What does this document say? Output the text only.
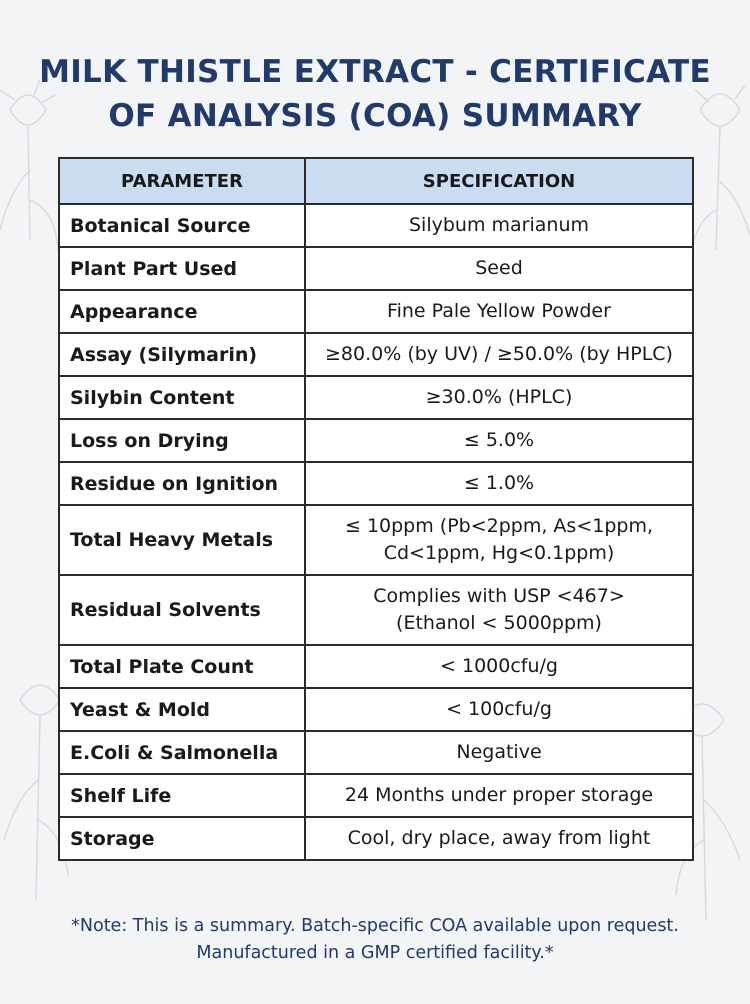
MILK THISTLE EXTRACT - CERTIFICATE
OF ANALYSIS (COA) SUMMARY
PARAMETER	SPECIFICATION
Botanical Source	Silybum marianum
Plant Part Used	Seed
Appearance	Fine Pale Yellow Powder
Assay (Silymarin)	≥80.0% (by UV) / ≥50.0% (by HPLC)
Silybin Content	≥30.0% (HPLC)
Loss on Drying	≤ 5.0%
Residue on Ignition	≤ 1.0%
Total Heavy Metals	≤ 10ppm (Pb<2ppm, As<1ppm,
Cd<1ppm, Hg<0.1ppm)

Residual Solvents	Complies with USP <467>
(Ethanol < 5000ppm)

Total Plate Count	< 1000cfu/g
Yeast & Mold	< 100cfu/g
E.Coli & Salmonella	Negative
Shelf Life	24 Months under proper storage
Storage	Cool, dry place, away from light
*Note: This is a summary. Batch-specific COA available upon request.
Manufactured in a GMP certified facility.*
